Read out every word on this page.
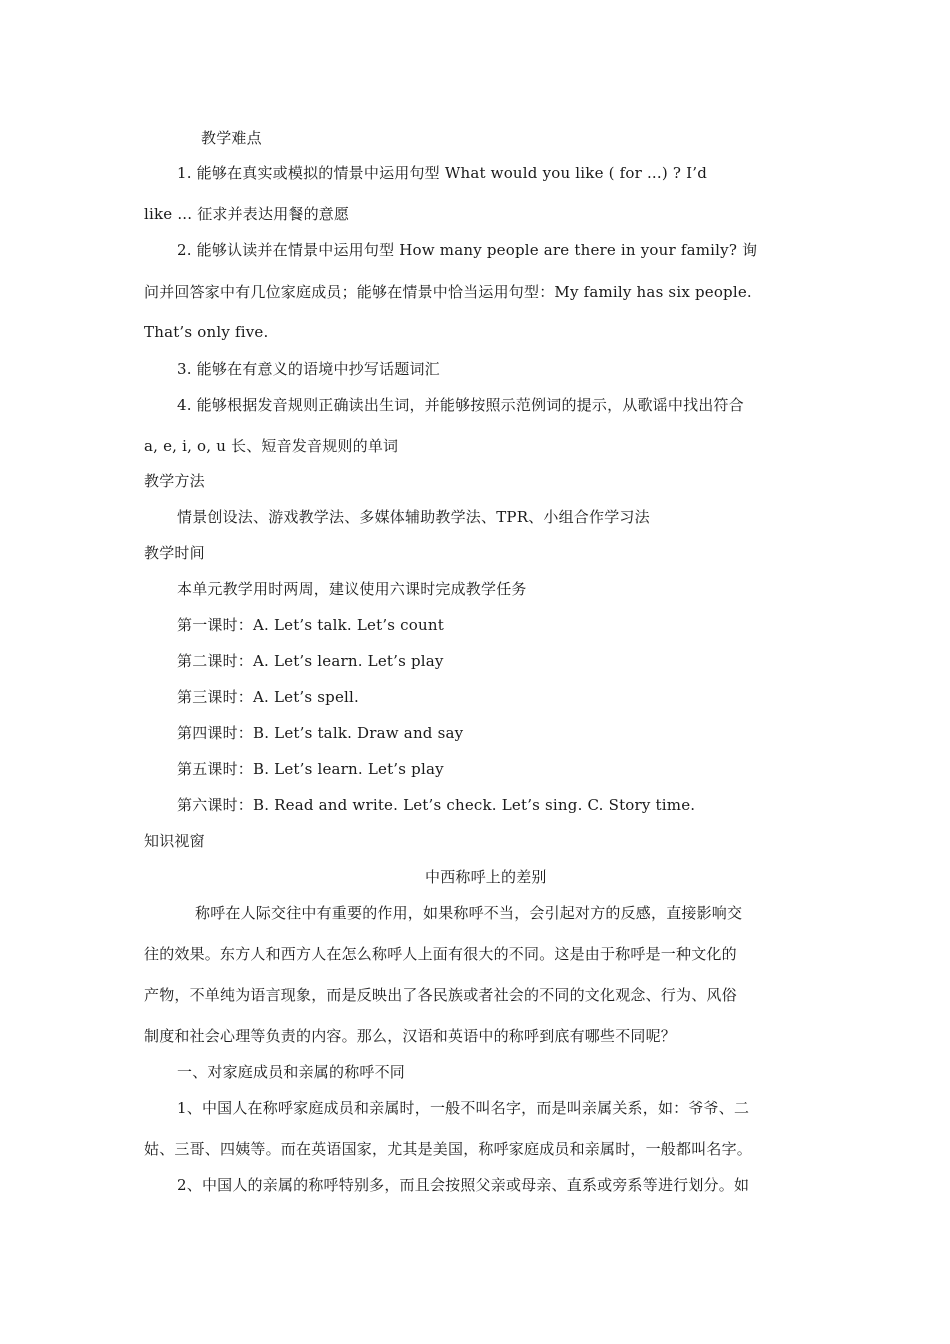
教学难点
1. 能够在真实或模拟的情景中运用句型 What would you like ( for ...) ? I’d
like ... 征求并表达用餐的意愿
2. 能够认读并在情景中运用句型 How many people are there in your family? 询
问并回答家中有几位家庭成员；能够在情景中恰当运用句型：My family has six people.
That’s only five.
3. 能够在有意义的语境中抄写话题词汇
4. 能够根据发音规则正确读出生词，并能够按照示范例词的提示，从歌谣中找出符合
a, e, i, o, u 长、短音发音规则的单词
教学方法
情景创设法、游戏教学法、多媒体辅助教学法、TPR、小组合作学习法
教学时间
本单元教学用时两周，建议使用六课时完成教学任务
第一课时：A. Let’s talk. Let’s count
第二课时：A. Let’s learn. Let’s play
第三课时：A. Let’s spell.
第四课时：B. Let’s talk. Draw and say
第五课时：B. Let’s learn. Let’s play
第六课时：B. Read and write. Let’s check. Let’s sing. C. Story time.
知识视窗
中西称呼上的差别
称呼在人际交往中有重要的作用，如果称呼不当，会引起对方的反感，直接影响交
往的效果。东方人和西方人在怎么称呼人上面有很大的不同。这是由于称呼是一种文化的
产物，不单纯为语言现象，而是反映出了各民族或者社会的不同的文化观念、行为、风俗
制度和社会心理等负责的内容。那么，汉语和英语中的称呼到底有哪些不同呢？
一、对家庭成员和亲属的称呼不同
1、中国人在称呼家庭成员和亲属时，一般不叫名字，而是叫亲属关系，如：爷爷、二
姑、三哥、四姨等。而在英语国家，尤其是美国，称呼家庭成员和亲属时，一般都叫名字。
2、中国人的亲属的称呼特别多，而且会按照父亲或母亲、直系或旁系等进行划分。如
